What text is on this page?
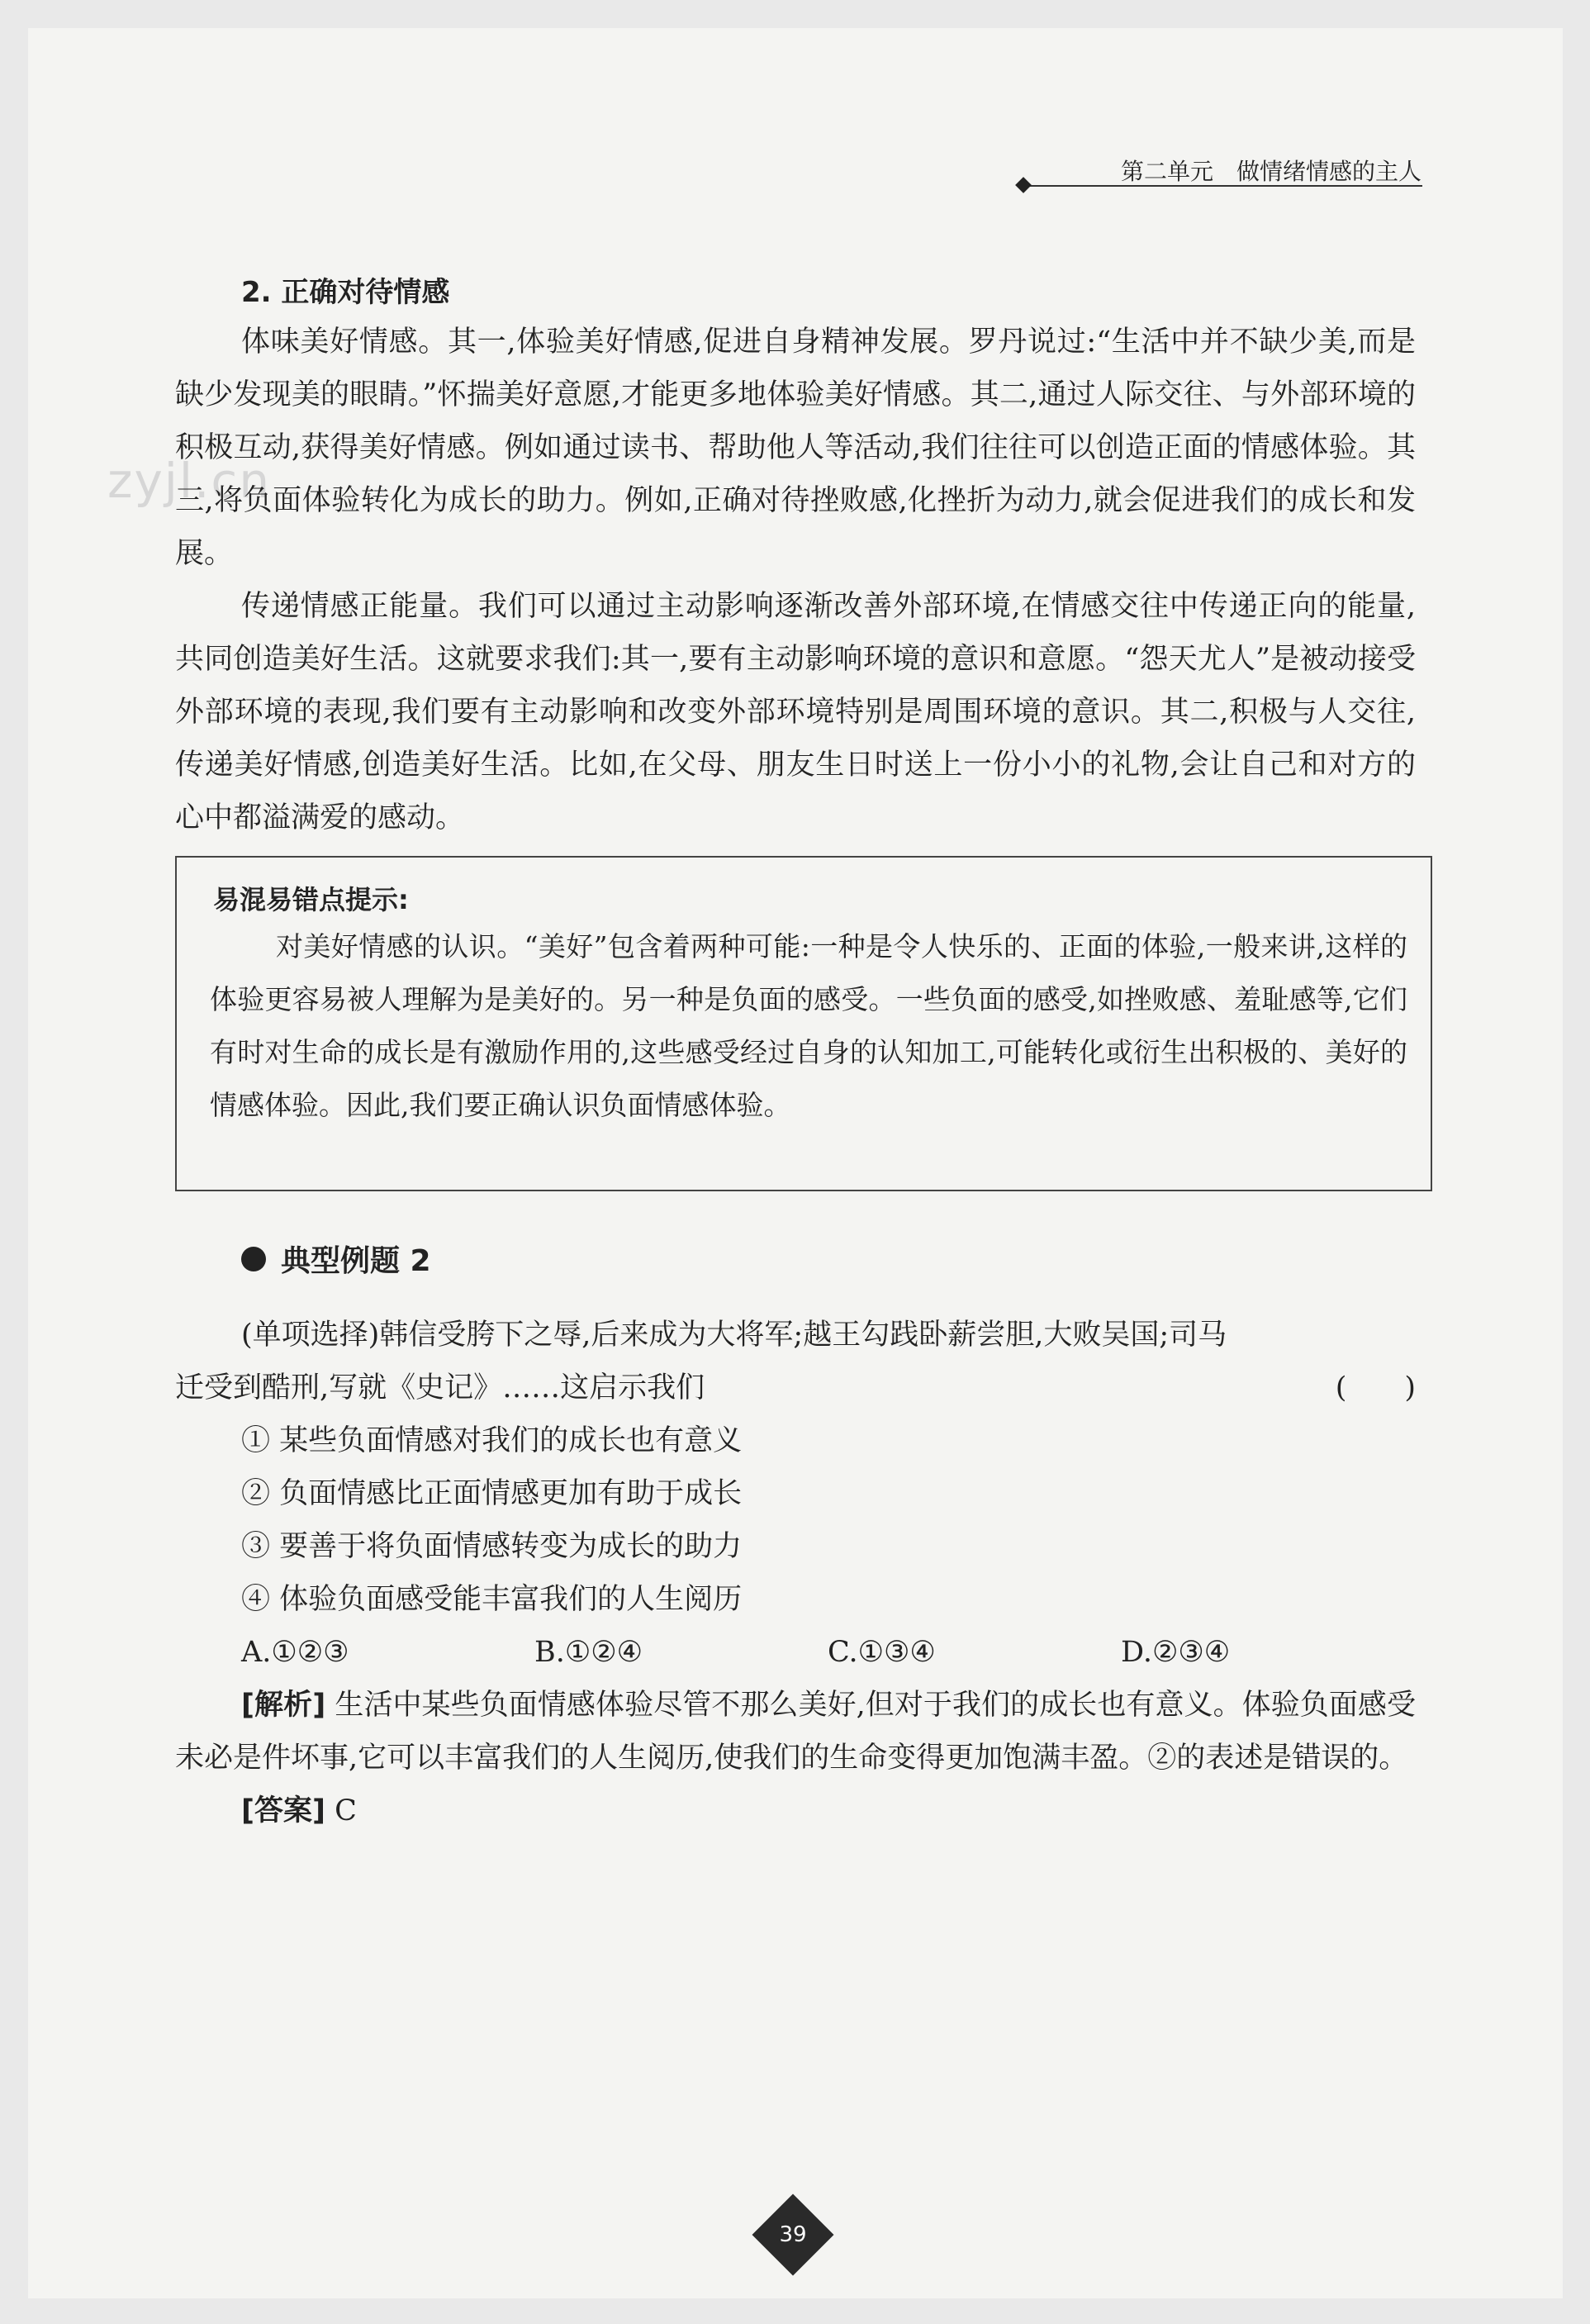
第二单元　做情绪情感的主人
zyjl.cn
2. 正确对待情感

体味美好情感。其一,体验美好情感,促进自身精神发展。罗丹说过:“生活中并不缺少美,而是缺少发现美的眼睛。”怀揣美好意愿,才能更多地体验美好情感。其二,通过人际交往、与外部环境的积极互动,获得美好情感。例如通过读书、帮助他人等活动,我们往往可以创造正面的情感体验。其三,将负面体验转化为成长的助力。例如,正确对待挫败感,化挫折为动力,就会促进我们的成长和发展。

传递情感正能量。我们可以通过主动影响逐渐改善外部环境,在情感交往中传递正向的能量,共同创造美好生活。这就要求我们:其一,要有主动影响环境的意识和意愿。“怨天尤人”是被动接受外部环境的表现,我们要有主动影响和改变外部环境特别是周围环境的意识。其二,积极与人交往,传递美好情感,创造美好生活。比如,在父母、朋友生日时送上一份小小的礼物,会让自己和对方的心中都溢满爱的感动。

易混易错点提示:
对美好情感的认识。“美好”包含着两种可能:一种是令人快乐的、正面的体验,一般来讲,这样的体验更容易被人理解为是美好的。另一种是负面的感受。一些负面的感受,如挫败感、羞耻感等,它们有时对生命的成长是有激励作用的,这些感受经过自身的认知加工,可能转化或衍生出积极的、美好的情感体验。因此,我们要正确认识负面情感体验。
典型例题 2
(单项选择)韩信受胯下之辱,后来成为大将军;越王勾践卧薪尝胆,大败吴国;司马
迁受到酷刑,写就《史记》……这启示我们	(　　)
① 某些负面情感对我们的成长也有意义
② 负面情感比正面情感更加有助于成长
③ 要善于将负面情感转变为成长的助力
④ 体验负面感受能丰富我们的人生阅历
A.①②③	B.①②④	C.①③④	D.②③④
[解析] 生活中某些负面情感体验尽管不那么美好,但对于我们的成长也有意义。体验负面感受未必是件坏事,它可以丰富我们的人生阅历,使我们的生命变得更加饱满丰盈。②的表述是错误的。
[答案] C
39
